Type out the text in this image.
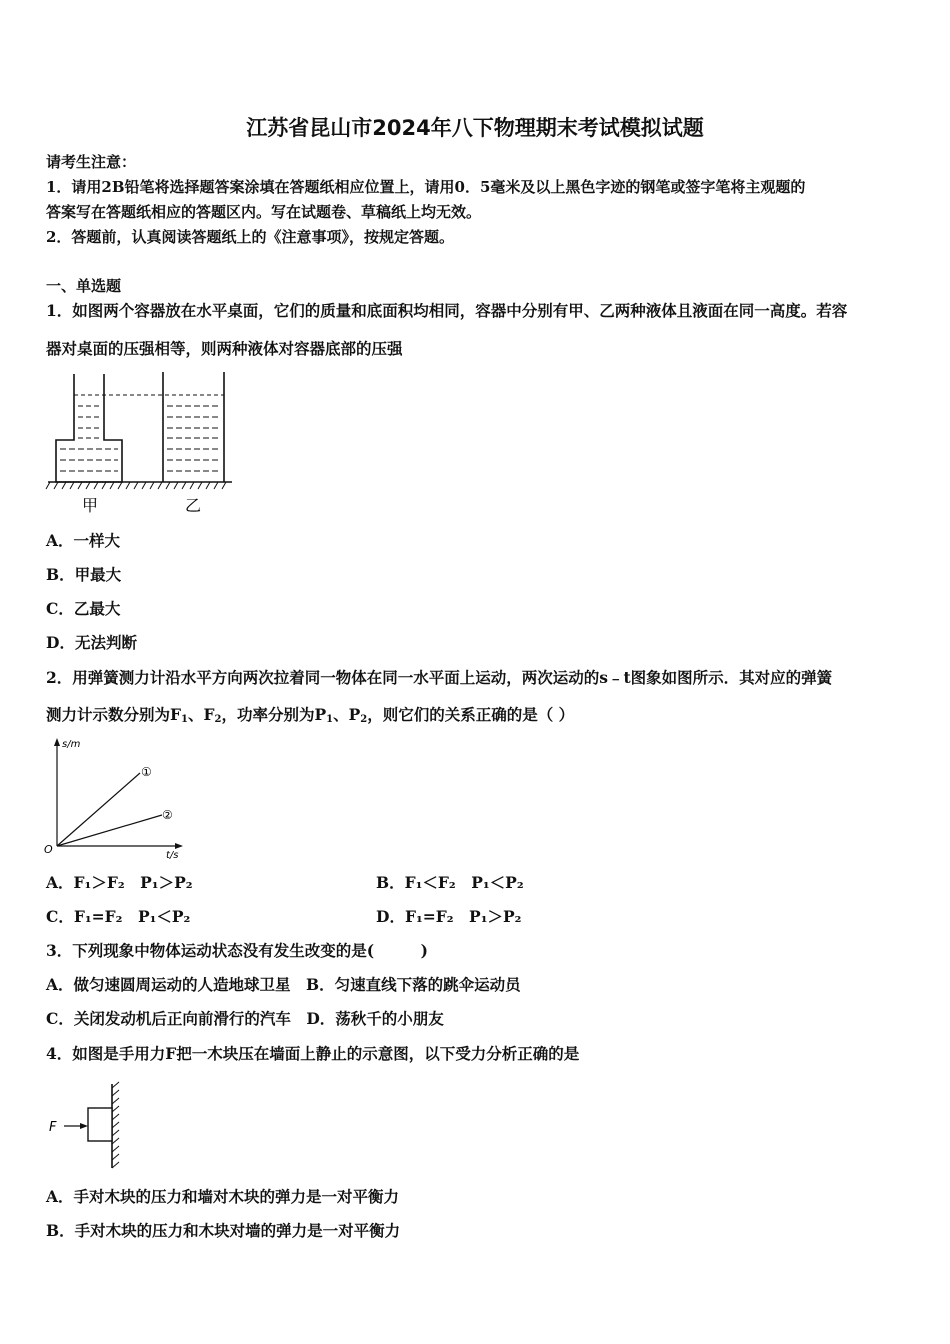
江苏省昆山市2024年八下物理期末考试模拟试题
请考生注意：
1．请用2B铅笔将选择题答案涂填在答题纸相应位置上，请用0．5毫米及以上黑色字迹的钢笔或签字笔将主观题的
答案写在答题纸相应的答题区内。写在试题卷、草稿纸上均无效。
2．答题前，认真阅读答题纸上的《注意事项》，按规定答题。
一、单选题
1．如图两个容器放在水平桌面，它们的质量和底面积均相同，容器中分别有甲、乙两种液体且液面在同一高度。若容
器对桌面的压强相等，则两种液体对容器底部的压强
甲	乙
A．一样大
B．甲最大
C．乙最大
D．无法判断
2．用弹簧测力计沿水平方向两次拉着同一物体在同一水平面上运动，两次运动的s﹣t图象如图所示．其对应的弹簧
测力计示数分别为$F_1$、$F_2$，功率分别为$P_1$、$P_2$，则它们的关系正确的是（ ）
s/m
t/s
O
①
②
A．F₁＞F₂　 P₁＞P₂	B．F₁＜F₂　 P₁＜P₂
C．F₁=F₂　 P₁＜P₂	D．F₁=F₂　 P₁＞P₂
3．下列现象中物体运动状态没有发生改变的是(　　　)
A．做匀速圆周运动的人造地球卫星　B．匀速直线下落的跳伞运动员
C．关闭发动机后正向前滑行的汽车　D．荡秋千的小朋友
4．如图是手用力F把一木块压在墙面上静止的示意图，以下受力分析正确的是
F
A．手对木块的压力和墙对木块的弹力是一对平衡力
B．手对木块的压力和木块对墙的弹力是一对平衡力
